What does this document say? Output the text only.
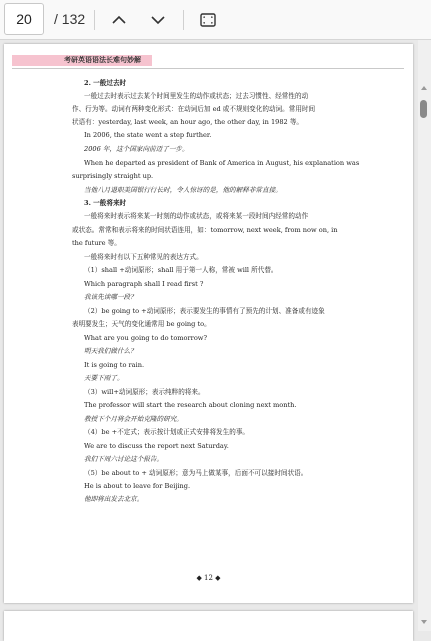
20	/ 132
考研英语语法长难句妙解
2. 一般过去时
一般过去时表示过去某个时间里发生的动作或状态；过去习惯性、经常性的动
作、行为等。动词有两种变化形式：在动词后加 ed 或不规则变化的动词。常用时间
状语有：yesterday, last week, an hour ago, the other day, in 1982 等。
In 2006, the state went a step further.
2006 年，这个国家向前迈了一步。
When he departed as president of Bank of America in August, his explanation was
surprisingly straight up.
当他八月退职美国银行行长时，令人惊讶的是，他的解释非常直接。
3. 一般将来时
一般将来时表示将来某一时刻的动作或状态，或将来某一段时间内经常的动作
或状态。常常和表示将来的时间状语连用，如：tomorrow, next week, from now on, in
the future 等。
一般将来时有以下五种常见的表达方式。
（1）shall +动词原形；shall 用于第一人称，常被 will 所代替。
Which paragraph shall I read first ?
我该先读哪一段？
（2）be going to +动词原形；表示要发生的事情有了预先的计划、准备或有迹象
表明要发生；天气的变化通常用 be going to。
What are you going to do tomorrow?
明天我们做什么？
It is going to rain.
天要下雨了。
（3）will+动词原形；表示纯粹的将来。
The professor will start the research about cloning next month.
教授下个月将会开始克隆的研究。
（4）be +不定式；表示按计划或正式安排将发生的事。
We are to discuss the report next Saturday.
我们下周六讨论这个报告。
（5）be about to + 动词原形；意为马上做某事，后面不可以接时间状语。
He is about to leave for Beijing.
他即将出发去北京。
◆ 12 ◆
